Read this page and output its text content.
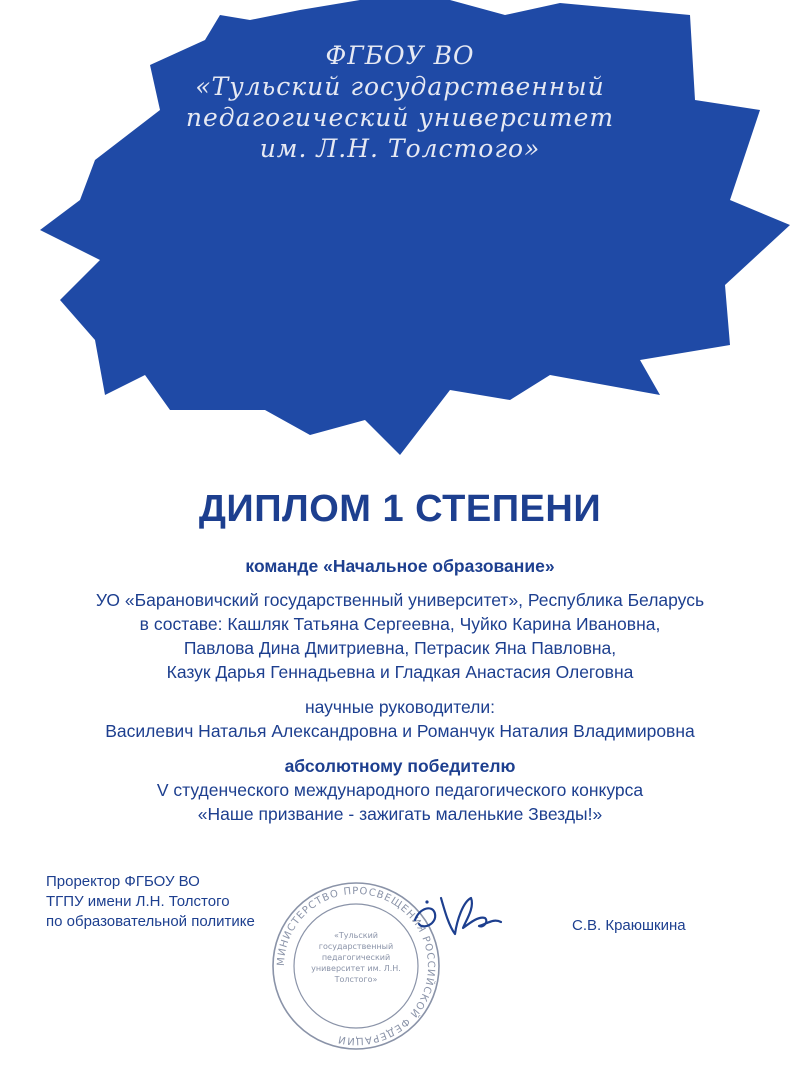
ФГБОУ ВО
«Тульский государственный
педагогический университет
им. Л.Н. Толстого»
ДИПЛОМ 1 СТЕПЕНИ
команде «Начальное образование»
УО «Барановичский государственный университет», Республика Беларусь
в составе: Кашляк Татьяна Сергеевна, Чуйко Карина Ивановна,
Павлова Дина Дмитриевна, Петрасик Яна Павловна,
Казук Дарья Геннадьевна и Гладкая Анастасия Олеговна
научные руководители:
Василевич Наталья Александровна и Романчук Наталия Владимировна
абсолютному победителю
V студенческого международного педагогического конкурса
«Наше призвание - зажигать маленькие Звезды!»
Проректор ФГБОУ ВО
ТГПУ имени Л.Н. Толстого
по образовательной политике
МИНИСТЕРСТВО ПРОСВЕЩЕНИЯ РОССИЙСКОЙ ФЕДЕРАЦИИ
«Тульский государственный педагогический университет им. Л.Н. Толстого»
С.В. Краюшкина
